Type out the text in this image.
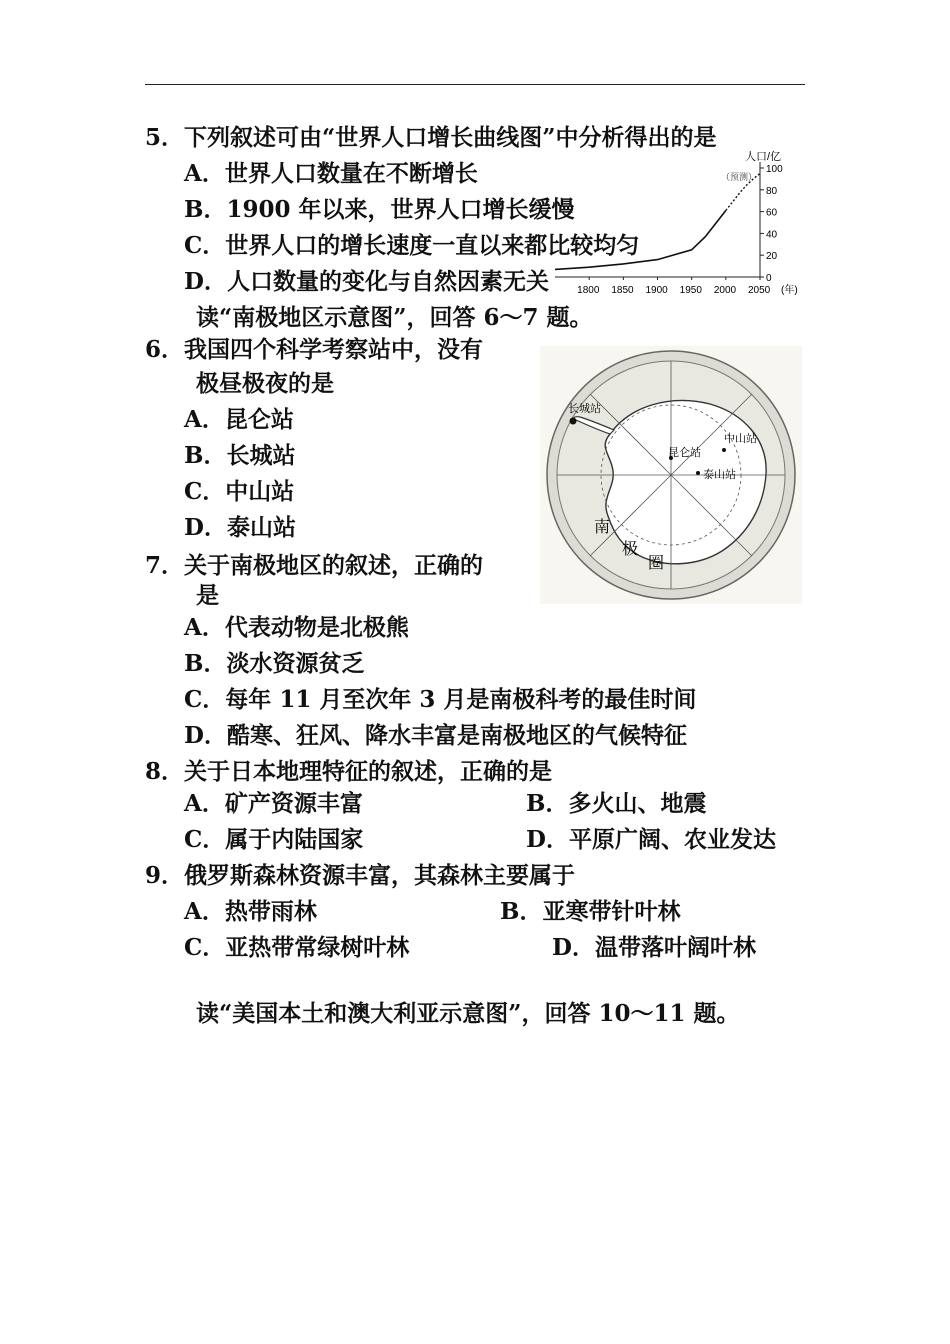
5．下列叙述可由“世界人口增长曲线图”中分析得出的是
A．世界人口数量在不断增长
B．1900 年以来，世界人口增长缓慢
C．世界人口的增长速度一直以来都比较均匀
D．人口数量的变化与自然因素无关
人口/亿
（预测）
(年)
0
20
40
60
80
100
1800 1850 1900 1950 2000 2050
读“南极地区示意图”，回答 6～7 题。
6．我国四个科学考察站中，没有
极昼极夜的是
A．昆仑站
B．长城站
C．中山站
D．泰山站
长城站
昆仑站
中山站
泰山站
南
极
圈
7．关于南极地区的叙述，正确的
是
A．代表动物是北极熊
B．淡水资源贫乏
C．每年 11 月至次年 3 月是南极科考的最佳时间
D．酷寒、狂风、降水丰富是南极地区的气候特征
8．关于日本地理特征的叙述，正确的是
A．矿产资源丰富	B．多火山、地震
C．属于内陆国家	D．平原广阔、农业发达
9．俄罗斯森林资源丰富，其森林主要属于
A．热带雨林	B．亚寒带针叶林
C．亚热带常绿树叶林	D．温带落叶阔叶林
读“美国本土和澳大利亚示意图”，回答 10～11 题。
